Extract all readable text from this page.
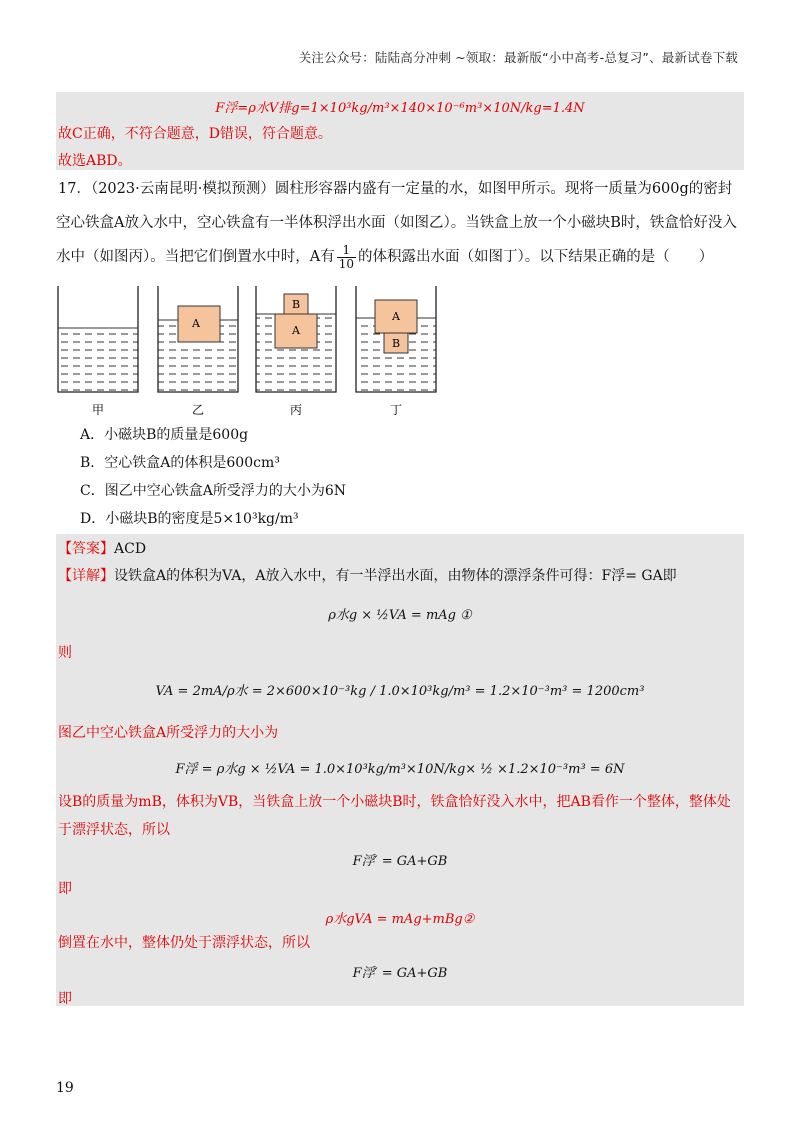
关注公众号：陆陆高分冲刺 ~领取：最新版“小中高考-总复习”、最新试卷下载
F浮=ρ水V排g=1×10³kg/m³×140×10⁻⁶m³×10N/kg=1.4N
故C正确，不符合题意，D错误，符合题意。
故选ABD。
17．（2023·云南昆明·模拟预测）圆柱形容器内盛有一定量的水，如图甲所示。现将一质量为600g的密封空心铁盒A放入水中，空心铁盒有一半体积浮出水面（如图乙）。当铁盒上放一个小磁块B时，铁盒恰好没入水中（如图丙）。当把它们倒置水中时，A有 $\frac{1}{10}$ 的体积露出水面（如图丁）。以下结果正确的是（　　）
A
A
B
A
B
甲	乙	丙	丁
A．小磁块B的质量是600g
B．空心铁盒A的体积是600cm³
C．图乙中空心铁盒A所受浮力的大小为6N
D．小磁块B的密度是5×10³kg/m³
【答案】ACD
【详解】设铁盒A的体积为VA，A放入水中，有一半浮出水面，由物体的漂浮条件可得：F浮= GA即
ρ水g × ½VA = mAg ①
则
VA = 2mA/ρ水 = 2×600×10⁻³kg / 1.0×10³kg/m³ = 1.2×10⁻³m³ = 1200cm³
图乙中空心铁盒A所受浮力的大小为
F浮 = ρ水g × ½VA = 1.0×10³kg/m³×10N/kg× ½ ×1.2×10⁻³m³ = 6N
设B的质量为mB，体积为VB，当铁盒上放一个小磁块B时，铁盒恰好没入水中，把AB看作一个整体，整体处于漂浮状态，所以
F浮′ = GA+GB
即
ρ水gVA = mAg+mBg②
倒置在水中，整体仍处于漂浮状态，所以
F浮′ = GA+GB
即
19
